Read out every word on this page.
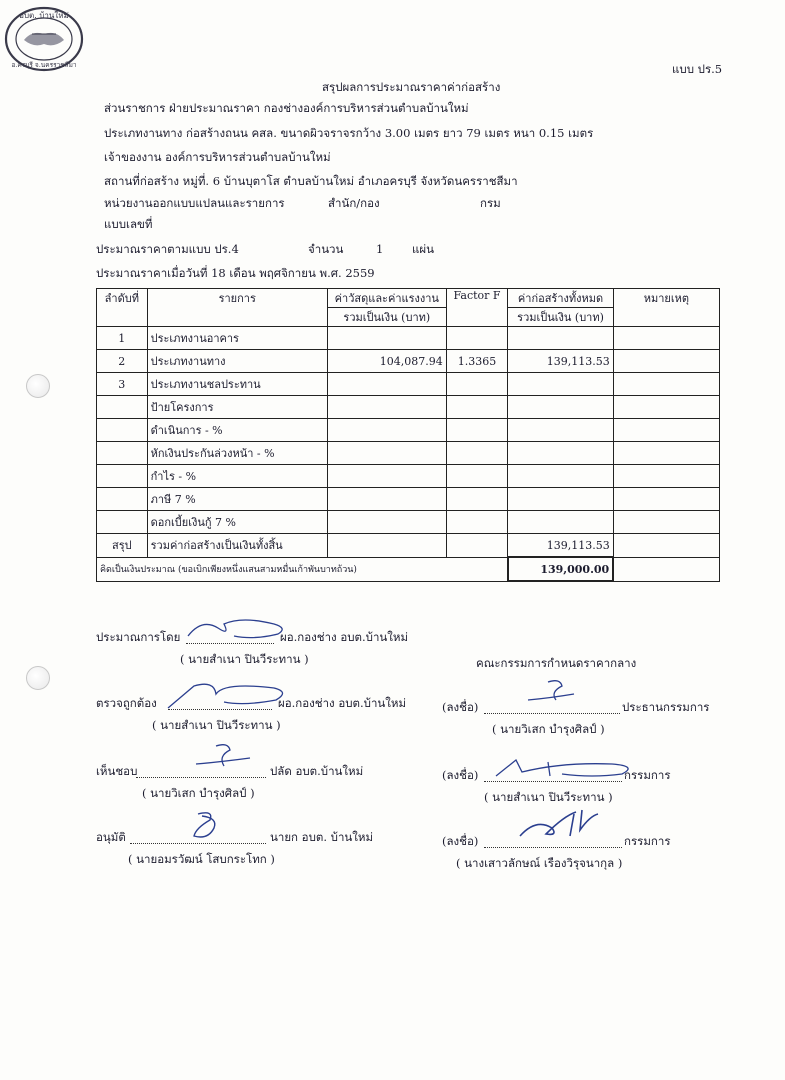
อบต. บ้านใหม่
อ.ครบุรี จ.นครราชสีมา	แบบ ปร.5
สรุปผลการประมาณราคาค่าก่อสร้าง
ส่วนราชการ ฝ่ายประมาณราคา กองช่างองค์การบริหารส่วนตำบลบ้านใหม่
ประเภทงานทาง ก่อสร้างถนน คสล. ขนาดผิวจราจรกว้าง 3.00 เมตร ยาว 79 เมตร หนา 0.15 เมตร
เจ้าของงาน องค์การบริหารส่วนตำบลบ้านใหม่
สถานที่ก่อสร้าง หมู่ที่. 6 บ้านบุตาโส ตำบลบ้านใหม่ อำเภอครบุรี จังหวัดนครราชสีมา
หน่วยงานออกแบบแปลนและรายการ	สำนัก/กอง	กรม
แบบเลขที่
ประมาณราคาตามแบบ ปร.4	จำนวน	1 แผ่น
ประมาณราคาเมื่อวันที่ 18 เดือน พฤศจิกายน พ.ศ. 2559
ลำดับที่	รายการ	ค่าวัสดุและค่าแรงงาน	Factor F	ค่าก่อสร้างทั้งหมด	หมายเหตุ
		รวมเป็นเงิน (บาท)		รวมเป็นเงิน (บาท)	
1	ประเภทงานอาคาร				
2	ประเภทงานทาง	104,087.94	1.3365	139,113.53	
3	ประเภทงานชลประทาน				
	ป้ายโครงการ				
	ดำเนินการ - %				
	หักเงินประกันล่วงหน้า - %				
	กำไร - %				
	ภาษี 7 %				
	ดอกเบี้ยเงินกู้ 7 %				
สรุป	รวมค่าก่อสร้างเป็นเงินทั้งสิ้น			139,113.53	
คิดเป็นเงินประมาณ (ขอเบิกเพียงหนึ่งแสนสามหมื่นเก้าพันบาทถ้วน)				139,000.00	
ประมาณการโดย	ผอ.กองช่าง อบต.บ้านใหม่
( นายสำเนา ปินวีระทาน )	คณะกรรมการกำหนดราคากลาง
ตรวจถูกต้อง	ผอ.กองช่าง อบต.บ้านใหม่
( นายสำเนา ปินวีระทาน )
(ลงชื่อ)	ประธานกรรมการ
( นายวิเสก บำรุงศิลป์ )
เห็นชอบ	ปลัด อบต.บ้านใหม่
( นายวิเสก บำรุงศิลป์ )
(ลงชื่อ)	กรรมการ
( นายสำเนา ปินวีระทาน )
อนุมัติ	นายก อบต. บ้านใหม่
( นายอมรวัฒน์ โสบกระโทก )
(ลงชื่อ)	กรรมการ
( นางเสาวลักษณ์ เรืองวิรุจนากุล )
